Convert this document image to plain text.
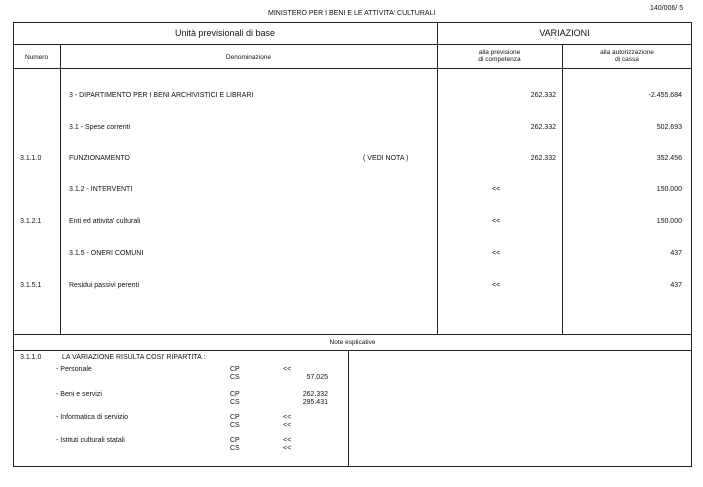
MINISTERO PER I BENI E LE ATTIVITA' CULTURALI
140/006/ 5
Unità previsionali di base	VARIAZIONI
Numero	Denominazione
alla previsione
di competenza
alla autorizzazione
di cassa
3 - DIPARTIMENTO PER I BENI ARCHIVISTICI E LIBRARI	262.332	-2.455.684
3.1 - Spese correnti	262.332	502.693
3.1.1.0	FUNZIONAMENTO	( VEDI NOTA )	262.332	352.456
3.1.2 - INTERVENTI	<<	150.000
3.1.2.1	Enti ed attivita' culturali	<<	150.000
3.1.5 - ONERI COMUNI	<<	437
3.1.5.1	Residui passivi perenti	<<	437
Note esplicative
3.1.1.0	LA VARIAZIONE RISULTA COSI' RIPARTITA :
- Personale	CP	<<
CS	57.025
- Beni e servizi	CP	262.332
CS	295.431
- Informatica di servizio	CP	<<
CS	<<
- Istituti culturali statali	CP	<<
CS	<<
